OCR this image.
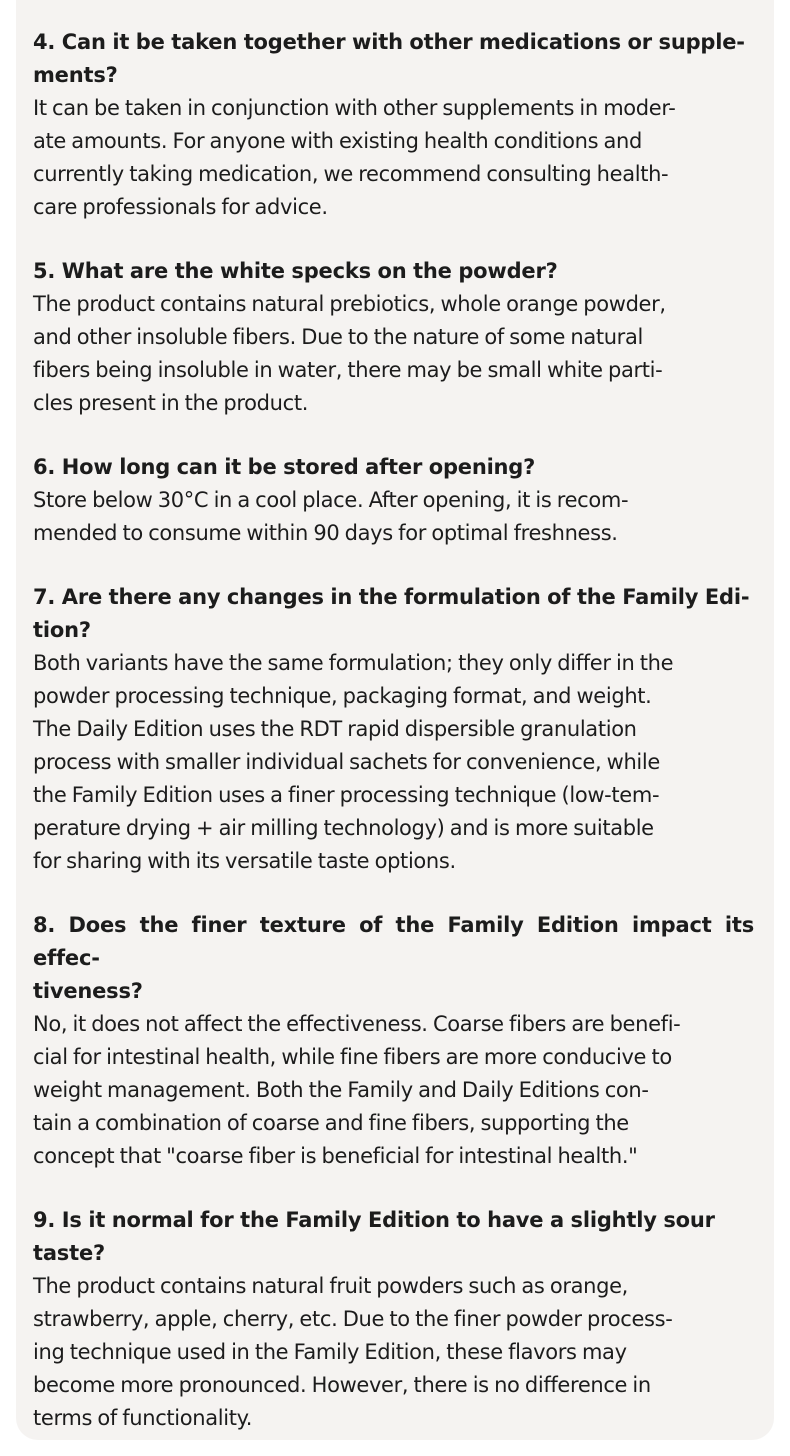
4. Can it be taken together with other medications or supple-
ments?

It can be taken in conjunction with other supplements in moder-
ate amounts. For anyone with existing health conditions and
currently taking medication, we recommend consulting health-
care professionals for advice.

5. What are the white specks on the powder?

The product contains natural prebiotics, whole orange powder,
and other insoluble fibers. Due to the nature of some natural
fibers being insoluble in water, there may be small white parti-
cles present in the product.

6. How long can it be stored after opening?

Store below 30°C in a cool place. After opening, it is recom-
mended to consume within 90 days for optimal freshness.

7. Are there any changes in the formulation of the Family Edi-
tion?

Both variants have the same formulation; they only differ in the
powder processing technique, packaging format, and weight.
The Daily Edition uses the RDT rapid dispersible granulation
process with smaller individual sachets for convenience, while
the Family Edition uses a finer processing technique (low-tem-
perature drying + air milling technology) and is more suitable
for sharing with its versatile taste options.

8. Does the finer texture of the Family Edition impact its effec-
tiveness?

No, it does not affect the effectiveness. Coarse fibers are benefi-
cial for intestinal health, while fine fibers are more conducive to
weight management. Both the Family and Daily Editions con-
tain a combination of coarse and fine fibers, supporting the
concept that "coarse fiber is beneficial for intestinal health."

9. Is it normal for the Family Edition to have a slightly sour
taste?

The product contains natural fruit powders such as orange,
strawberry, apple, cherry, etc. Due to the finer powder process-
ing technique used in the Family Edition, these flavors may
become more pronounced. However, there is no difference in
terms of functionality.
